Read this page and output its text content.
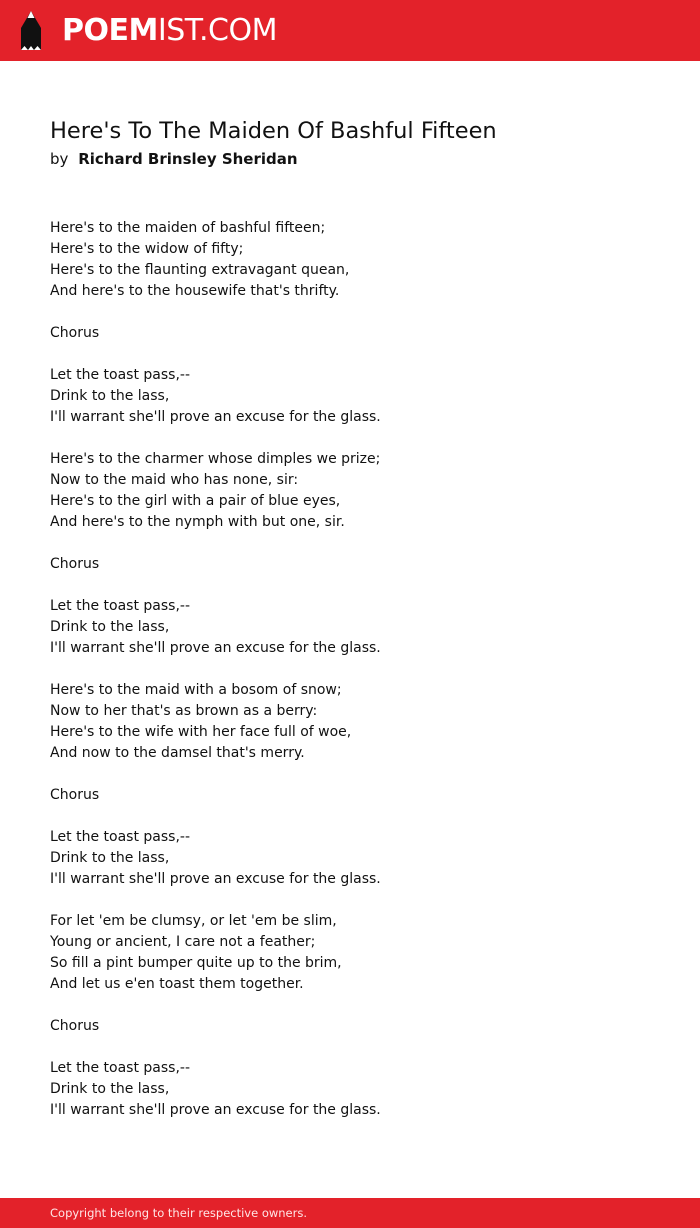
POEMIST.COM
Here's To The Maiden Of Bashful Fifteen
by Richard Brinsley Sheridan
Here's to the maiden of bashful fifteen;
Here's to the widow of fifty;
Here's to the flaunting extravagant quean,
And here's to the housewife that's thrifty.
Chorus
Let the toast pass,--
Drink to the lass,
I'll warrant she'll prove an excuse for the glass.
Here's to the charmer whose dimples we prize;
Now to the maid who has none, sir:
Here's to the girl with a pair of blue eyes,
And here's to the nymph with but one, sir.
Chorus
Let the toast pass,--
Drink to the lass,
I'll warrant she'll prove an excuse for the glass.
Here's to the maid with a bosom of snow;
Now to her that's as brown as a berry:
Here's to the wife with her face full of woe,
And now to the damsel that's merry.
Chorus
Let the toast pass,--
Drink to the lass,
I'll warrant she'll prove an excuse for the glass.
For let 'em be clumsy, or let 'em be slim,
Young or ancient, I care not a feather;
So fill a pint bumper quite up to the brim,
And let us e'en toast them together.
Chorus
Let the toast pass,--
Drink to the lass,
I'll warrant she'll prove an excuse for the glass.
Copyright belong to their respective owners.
